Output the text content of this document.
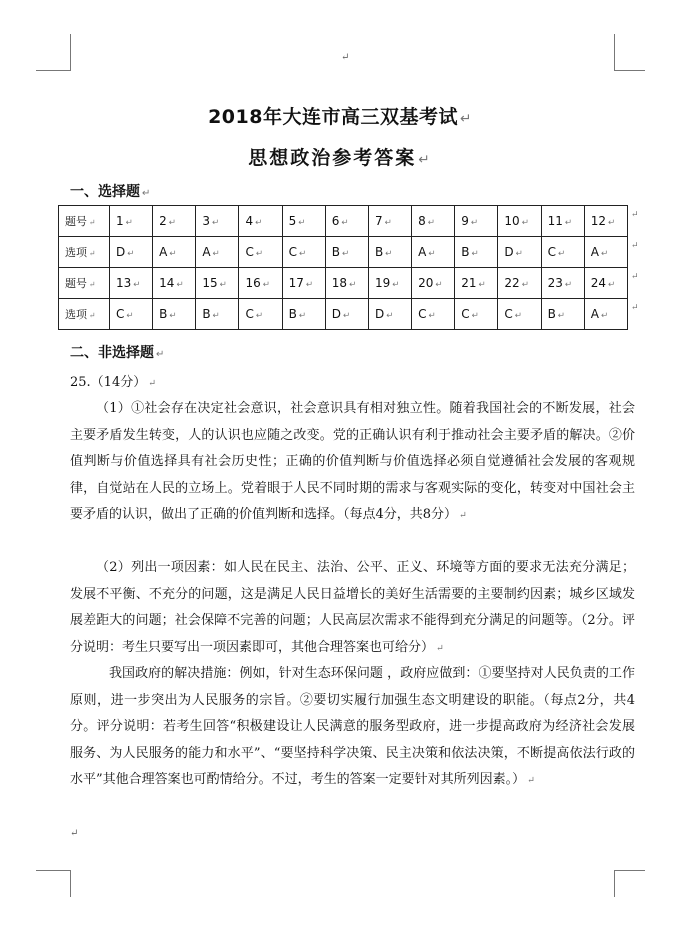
↵
2018年大连市高三双基考试 ↵
思想政治参考答案 ↵
一、选择题 ↵
题号 ↵	1 ↵	2 ↵	3 ↵	4 ↵	5 ↵	6 ↵	7 ↵	8 ↵	9 ↵	10 ↵	11 ↵	12 ↵
选项 ↵	D ↵	A ↵	A ↵	C ↵	C ↵	B ↵	B ↵	A ↵	B ↵	D ↵	C ↵	A ↵
题号 ↵	13 ↵	14 ↵	15 ↵	16 ↵	17 ↵	18 ↵	19 ↵	20 ↵	21 ↵	22 ↵	23 ↵	24 ↵
选项 ↵	C ↵	B ↵	B ↵	C ↵	B ↵	D ↵	D ↵	C ↵	C ↵	C ↵	B ↵	A ↵
↵
↵
↵
↵
二、非选择题 ↵
25.（14分） ↵

（1）①社会存在决定社会意识，社会意识具有相对独立性。随着我国社会的不断发展，社会主要矛盾发生转变，人的认识也应随之改变。党的正确认识有利于推动社会主要矛盾的解决。②价值判断与价值选择具有社会历史性；正确的价值判断与价值选择必须自觉遵循社会发展的客观规律，自觉站在人民的立场上。党着眼于人民不同时期的需求与客观实际的变化，转变对中国社会主要矛盾的认识，做出了正确的价值判断和选择。（每点4分，共8分） ↵

（2）列出一项因素：如人民在民主、法治、公平、正义、环境等方面的要求无法充分满足；发展不平衡、不充分的问题，这是满足人民日益增长的美好生活需要的主要制约因素；城乡区域发展差距大的问题；社会保障不完善的问题；人民高层次需求不能得到充分满足的问题等。（2分。评分说明：考生只要写出一项因素即可，其他合理答案也可给分） ↵

我国政府的解决措施：例如，针对生态环保问题 ，政府应做到：①要坚持对人民负责的工作原则，进一步突出为人民服务的宗旨。②要切实履行加强生态文明建设的职能。（每点2分，共4分。评分说明：若考生回答“积极建设让人民满意的服务型政府，进一步提高政府为经济社会发展服务、为人民服务的能力和水平”、“要坚持科学决策、民主决策和依法决策，不断提高依法行政的水平”其他合理答案也可酌情给分。不过，考生的答案一定要针对其所列因素。） ↵

↵
